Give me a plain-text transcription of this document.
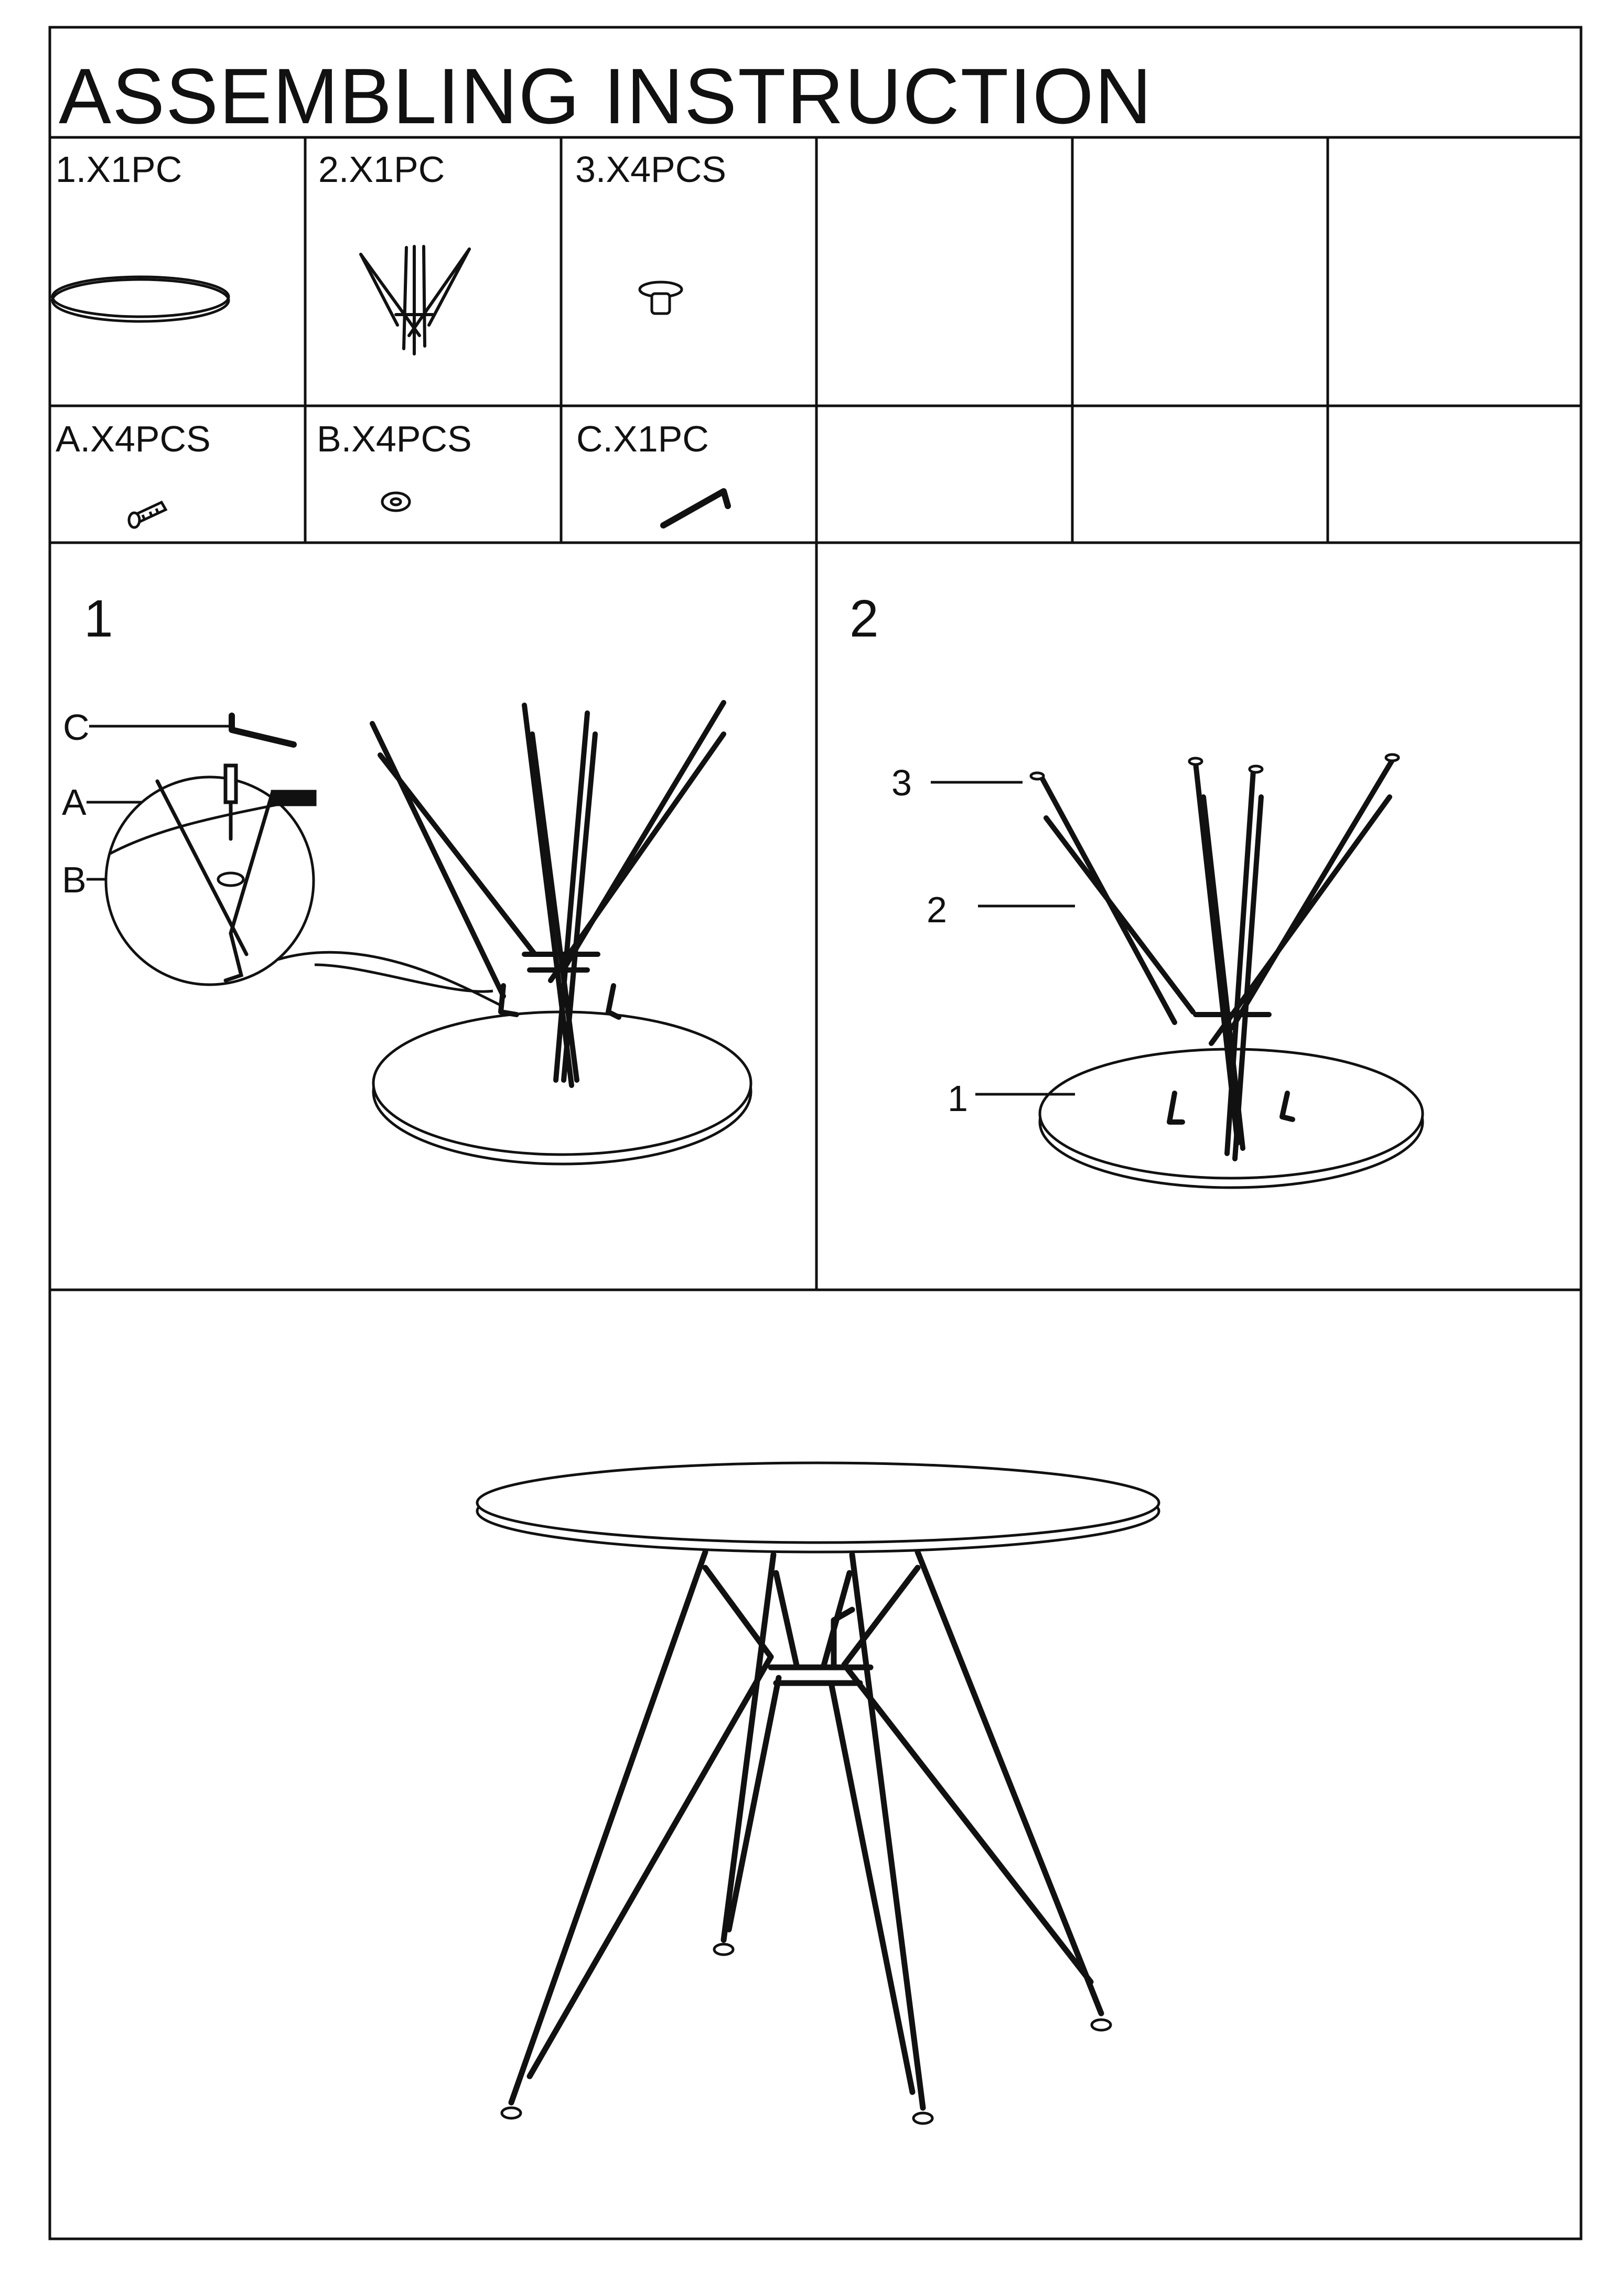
ASSEMBLING INSTRUCTION
1.X1PC	2.X1PC	3.X4PCS
A.X4PCS	B.X4PCS	C.X1PC
1	2
C
A
B
3
2
1
